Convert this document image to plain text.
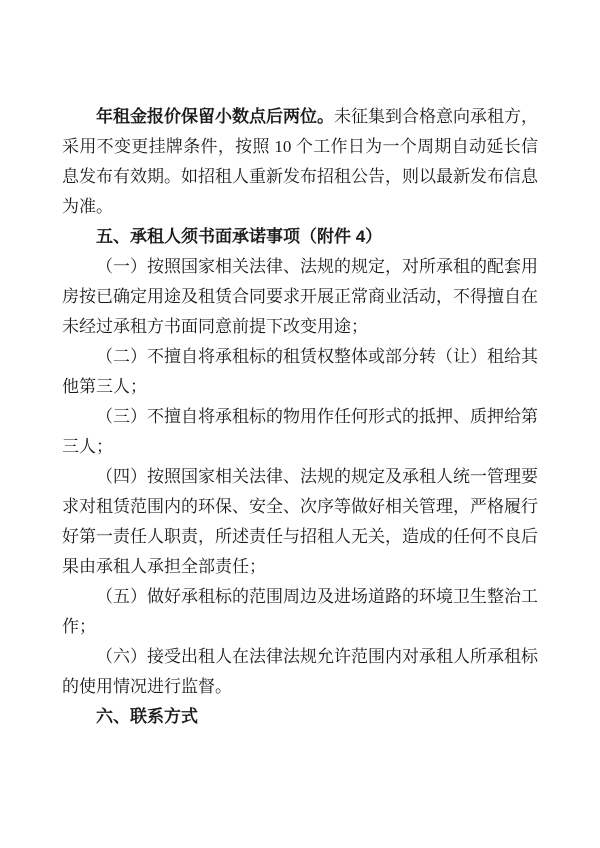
年租金报价保留小数点后两位。未征集到合格意向承租方，采用不变更挂牌条件，按照 10 个工作日为一个周期自动延长信息发布有效期。如招租人重新发布招租公告，则以最新发布信息为准。

五、承租人须书面承诺事项（附件 4）

（一）按照国家相关法律、法规的规定，对所承租的配套用房按已确定用途及租赁合同要求开展正常商业活动，不得擅自在未经过承租方书面同意前提下改变用途；

（二）不擅自将承租标的租赁权整体或部分转（让）租给其他第三人；

（三）不擅自将承租标的物用作任何形式的抵押、质押给第三人；

（四）按照国家相关法律、法规的规定及承租人统一管理要求对租赁范围内的环保、安全、次序等做好相关管理，严格履行好第一责任人职责，所述责任与招租人无关，造成的任何不良后果由承租人承担全部责任；

（五）做好承租标的范围周边及进场道路的环境卫生整治工作；

（六）接受出租人在法律法规允许范围内对承租人所承租标的使用情况进行监督。

六、联系方式
